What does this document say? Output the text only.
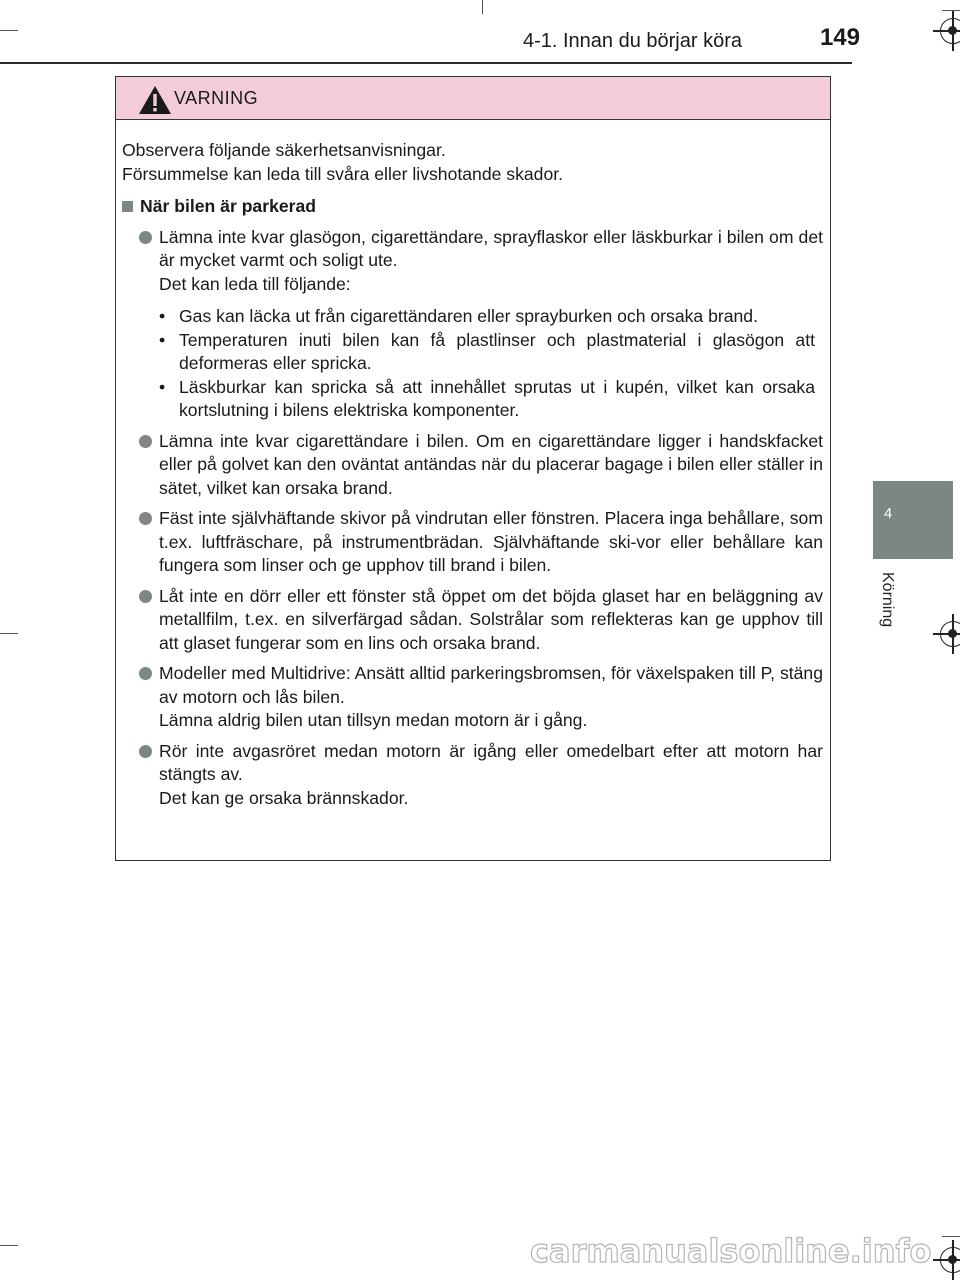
4-1. Innan du börjar köra	149
4
Körning
VARNING

Observera följande säkerhetsanvisningar.

Försummelse kan leda till svåra eller livshotande skador.

När bilen är parkerad

Lämna inte kvar glasögon, cigarettändare, sprayflaskor eller läskburkar i bilen om det är mycket varmt och soligt ute.

Det kan leda till följande:

• Gas kan läcka ut från cigarettändaren eller sprayburken och orsaka brand.
• Temperaturen inuti bilen kan få plastlinser och plastmaterial i glasögon att deformeras eller spricka.
• Läskburkar kan spricka så att innehållet sprutas ut i kupén, vilket kan orsaka kortslutning i bilens elektriska komponenter.

Lämna inte kvar cigarettändare i bilen. Om en cigarettändare ligger i handskfacket eller på golvet kan den oväntat antändas när du placerar bagage i bilen eller ställer in sätet, vilket kan orsaka brand.

Fäst inte självhäftande skivor på vindrutan eller fönstren. Placera inga behållare, som t.ex. luftfräschare, på instrumentbrädan. Självhäftande ski-vor eller behållare kan fungera som linser och ge upphov till brand i bilen.

Låt inte en dörr eller ett fönster stå öppet om det böjda glaset har en beläggning av metallfilm, t.ex. en silverfärgad sådan. Solstrålar som reflekteras kan ge upphov till att glaset fungerar som en lins och orsaka brand.

Modeller med Multidrive: Ansätt alltid parkeringsbromsen, för växelspaken till P, stäng av motorn och lås bilen.

Lämna aldrig bilen utan tillsyn medan motorn är i gång.

Rör inte avgasröret medan motorn är igång eller omedelbart efter att motorn har stängts av.

Det kan ge orsaka brännskador.

carmanualsonline.info
